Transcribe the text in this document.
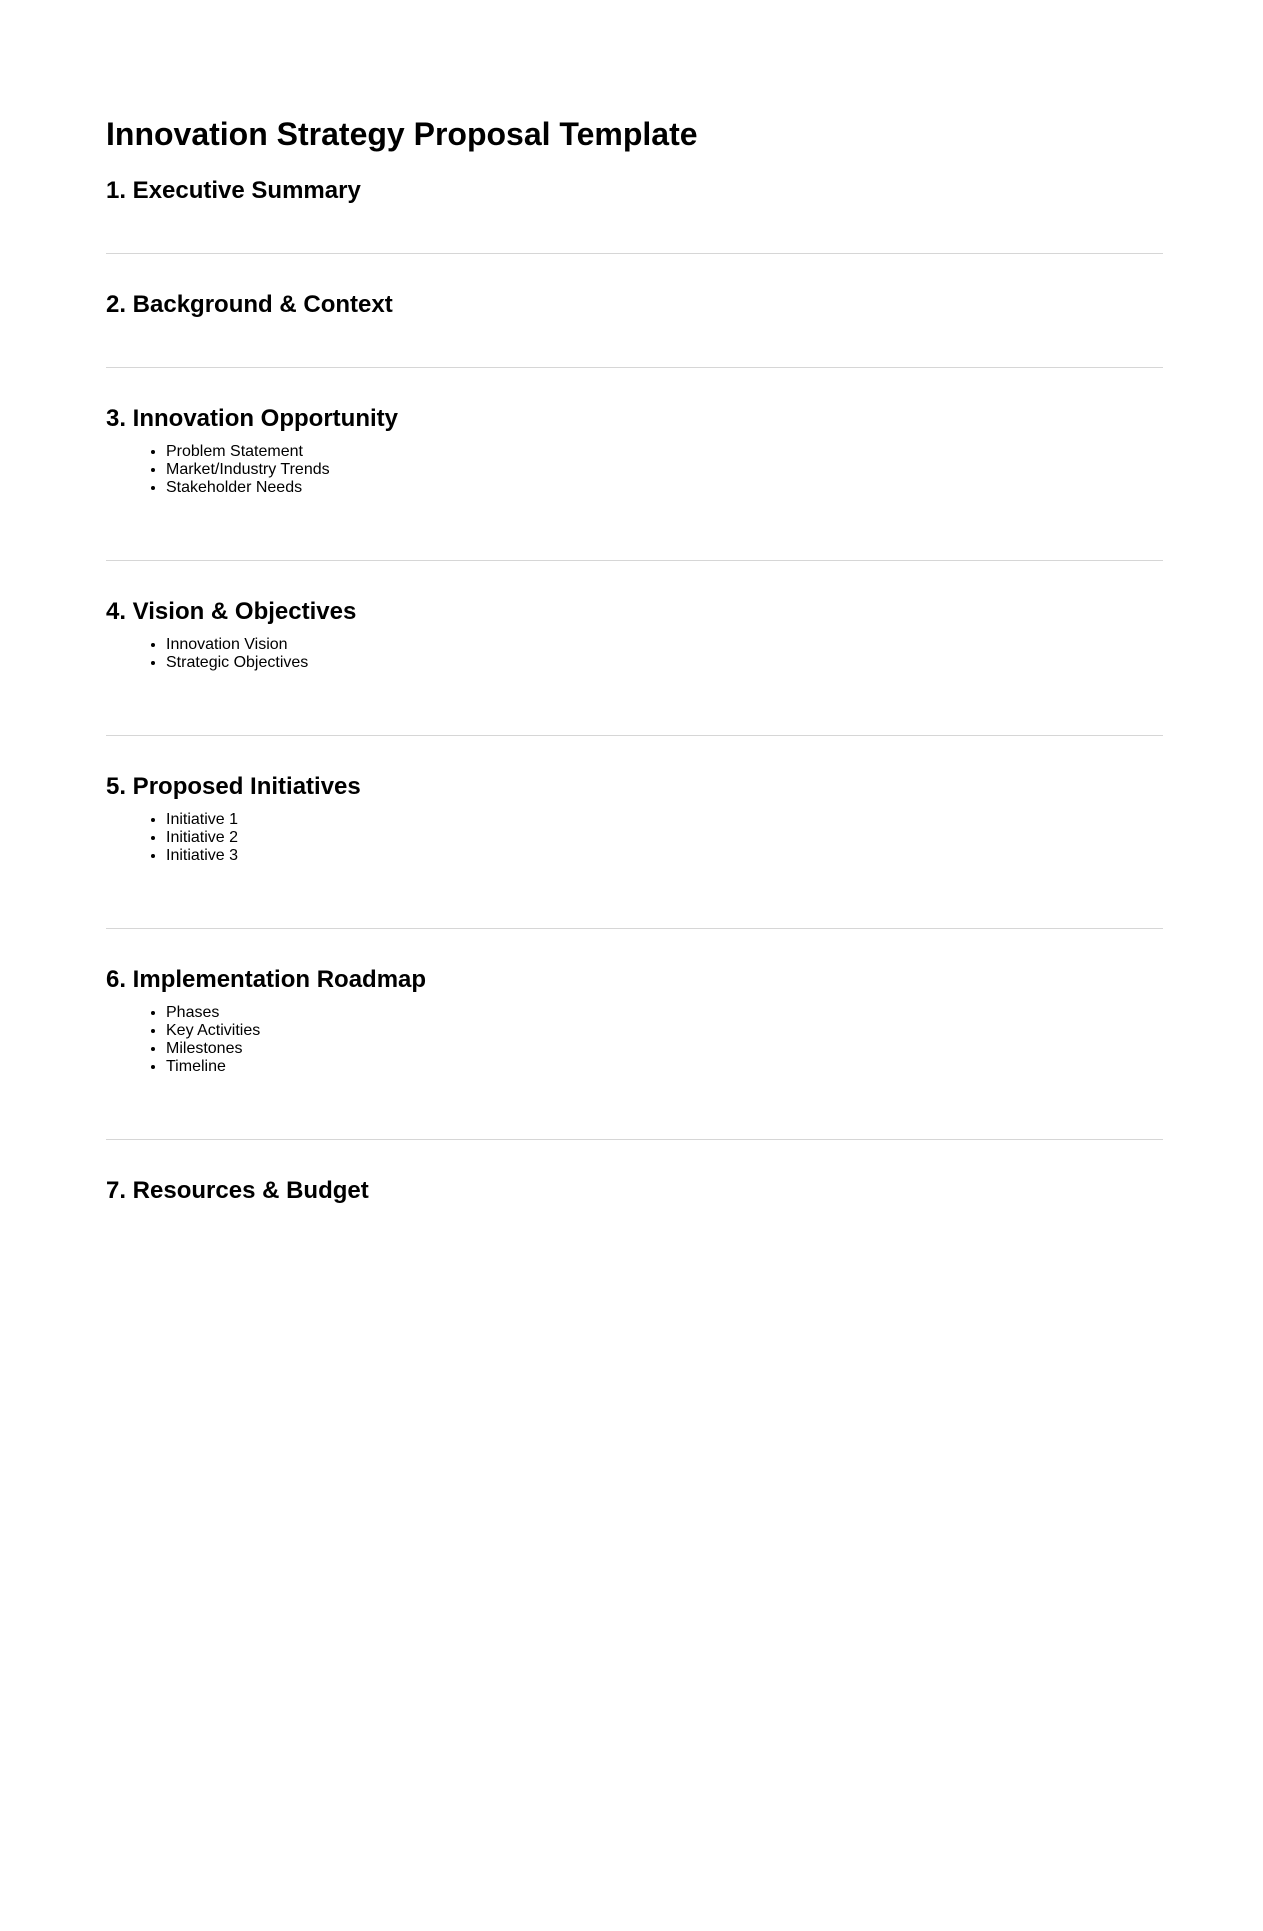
Innovation Strategy Proposal Template
1. Executive Summary
2. Background & Context
3. Innovation Opportunity
• Problem Statement
• Market/Industry Trends
• Stakeholder Needs
4. Vision & Objectives
• Innovation Vision
• Strategic Objectives
5. Proposed Initiatives
• Initiative 1
• Initiative 2
• Initiative 3
6. Implementation Roadmap
• Phases
• Key Activities
• Milestones
• Timeline
7. Resources & Budget
